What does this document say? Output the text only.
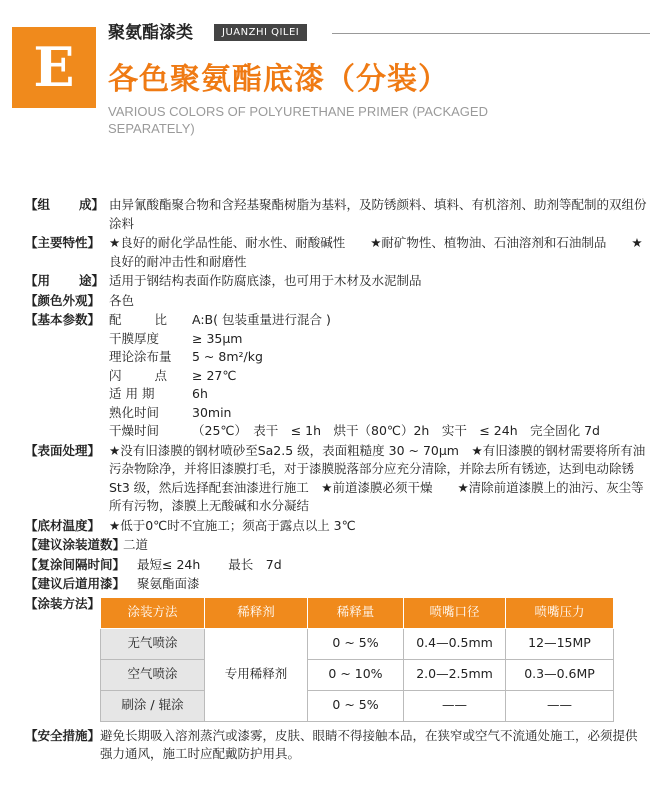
E
聚氨酯漆类	JUANZHI QILEI
各色聚氨酯底漆（分装）
VARIOUS COLORS OF POLYURETHANE PRIMER (PACKAGED SEPARATELY)
【组 成】 由异氰酸酯聚合物和含羟基聚酯树脂为基料，及防锈颜料、填料、有机溶剂、助剂等配制的双组份涂料
【主要特性】 ★良好的耐化学品性能、耐水性、耐酸碱性　　★耐矿物性、植物油、石油溶剂和石油制品　　★良好的耐冲击性和耐磨性
【用 途】 适用于钢结构表面作防腐底漆，也可用于木材及水泥制品
【颜色外观】 各色
【基本参数】 配	比 A:B( 包装重量进行混合 )
干膜厚度	≥ 35μm
理论涂布量	5 ~ 8m²/kg
闪	点 ≥ 27℃
适 用 期	6h
熟化时间	30min
干燥时间	（25℃）　表干　≤ 1h　烘干（80℃）2h　实干　≤ 24h　完全固化 7d
【表面处理】 ★没有旧漆膜的钢材喷砂至Sa2.5 级，表面粗糙度 30 ~ 70μm　★有旧漆膜的钢材需要将所有油污杂物除净，并将旧漆膜打毛，对于漆膜脱落部分应充分清除，并除去所有锈迹，达到电动除锈 St3 级，然后选择配套油漆进行施工　★前道漆膜必须干燥　　★清除前道漆膜上的油污、灰尘等所有污物，漆膜上无酸碱和水分凝结
【底材温度】 ★低于0℃时不宜施工；须高于露点以上 3℃
【建议涂装道数】
二道
【复涂间隔时间】 最短≤ 24h 最长　7d
【建议后道用漆】 聚氨酯面漆
【涂装方法】
涂装方法	稀释剂	稀释量	喷嘴口径	喷嘴压力
无气喷涂	专用稀释剂	0 ~ 5%	0.4—0.5mm	12—15MP
空气喷涂		0 ~ 10%	2.0—2.5mm	0.3—0.6MP
刷涂 / 辊涂		0 ~ 5%	——	——
【安全措施】 避免长期吸入溶剂蒸汽或漆雾，皮肤、眼睛不得接触本品，在狭窄或空气不流通处施工，必须提供强力通风，施工时应配戴防护用具。
